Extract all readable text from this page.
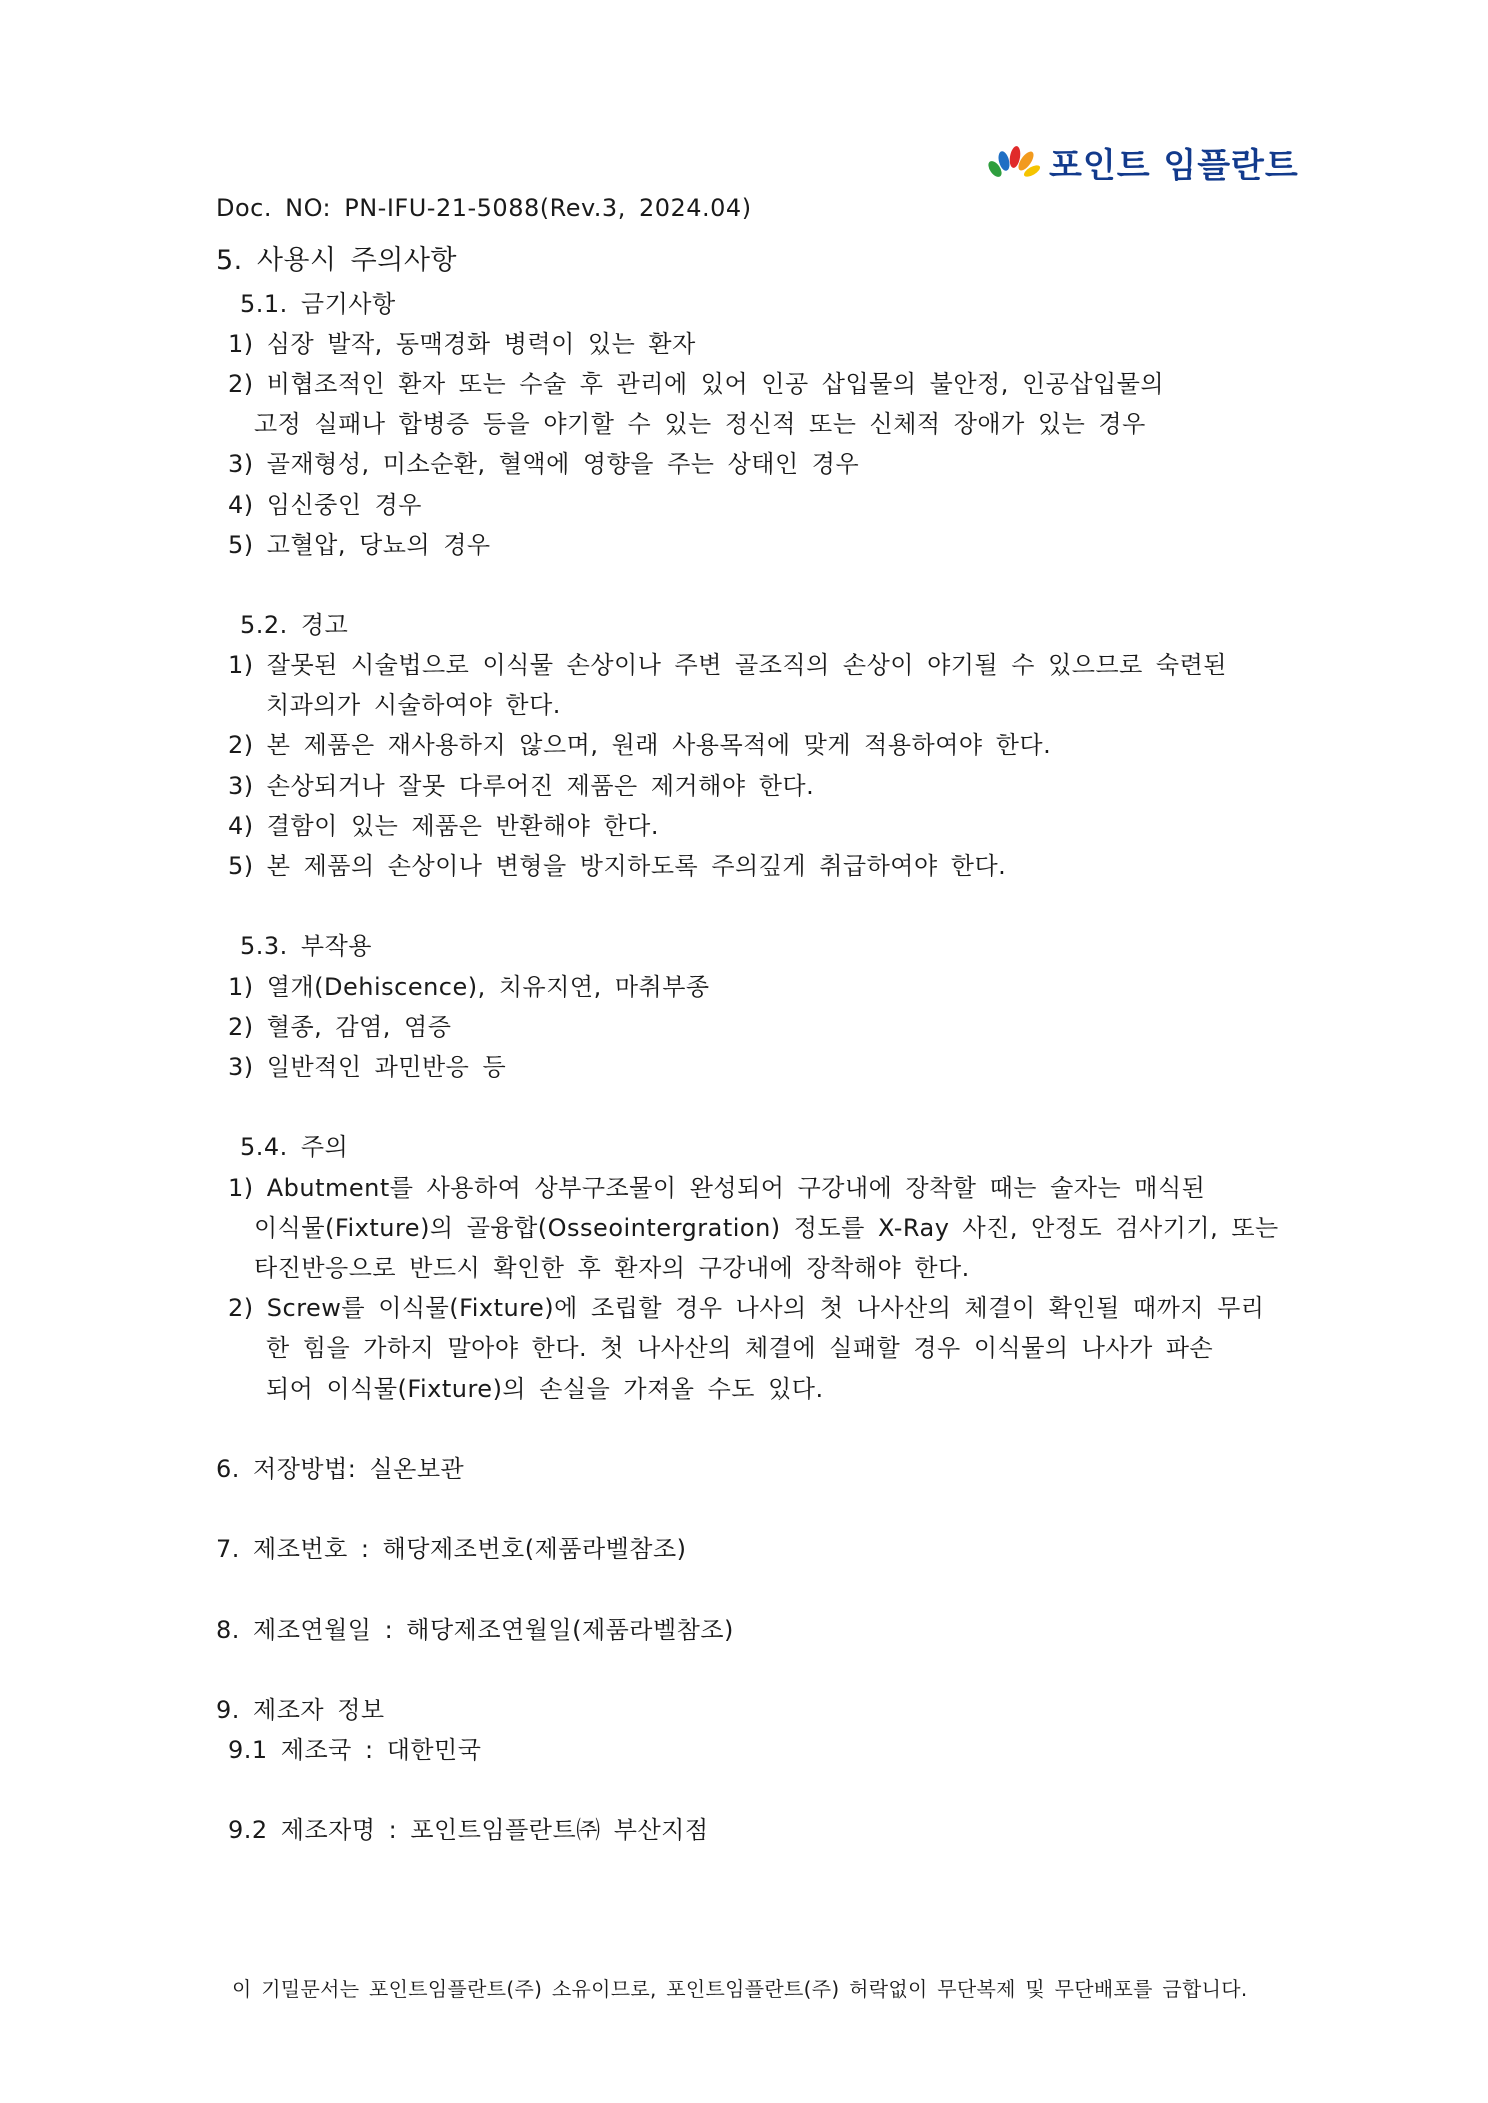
포인트 임플란트
Doc. NO: PN-IFU-21-5088(Rev.3, 2024.04)
5. 사용시 주의사항
5.1. 금기사항
1) 심장 발작, 동맥경화 병력이 있는 환자
2) 비협조적인 환자 또는 수술 후 관리에 있어 인공 삽입물의 불안정, 인공삽입물의
고정 실패나 합병증 등을 야기할 수 있는 정신적 또는 신체적 장애가 있는 경우
3) 골재형성, 미소순환, 혈액에 영향을 주는 상태인 경우
4) 임신중인 경우
5) 고혈압, 당뇨의 경우
5.2. 경고
1) 잘못된 시술법으로 이식물 손상이나 주변 골조직의 손상이 야기될 수 있으므로 숙련된
치과의가 시술하여야 한다.
2) 본 제품은 재사용하지 않으며, 원래 사용목적에 맞게 적용하여야 한다.
3) 손상되거나 잘못 다루어진 제품은 제거해야 한다.
4) 결함이 있는 제품은 반환해야 한다.
5) 본 제품의 손상이나 변형을 방지하도록 주의깊게 취급하여야 한다.
5.3. 부작용
1) 열개(Dehiscence), 치유지연, 마취부종
2) 혈종, 감염, 염증
3) 일반적인 과민반응 등
5.4. 주의
1) Abutment를 사용하여 상부구조물이 완성되어 구강내에 장착할 때는 술자는 매식된
이식물(Fixture)의 골융합(Osseointergration) 정도를 X-Ray 사진, 안정도 검사기기, 또는
타진반응으로 반드시 확인한 후 환자의 구강내에 장착해야 한다.
2) Screw를 이식물(Fixture)에 조립할 경우 나사의 첫 나사산의 체결이 확인될 때까지 무리
한 힘을 가하지 말아야 한다. 첫 나사산의 체결에 실패할 경우 이식물의 나사가 파손
되어 이식물(Fixture)의 손실을 가져올 수도 있다.
6. 저장방법: 실온보관
7. 제조번호 : 해당제조번호(제품라벨참조)
8. 제조연월일 : 해당제조연월일(제품라벨참조)
9. 제조자 정보
9.1 제조국 : 대한민국
9.2 제조자명 : 포인트임플란트㈜ 부산지점
이 기밀문서는 포인트임플란트(주) 소유이므로, 포인트임플란트(주) 허락없이 무단복제 및 무단배포를 금합니다.
